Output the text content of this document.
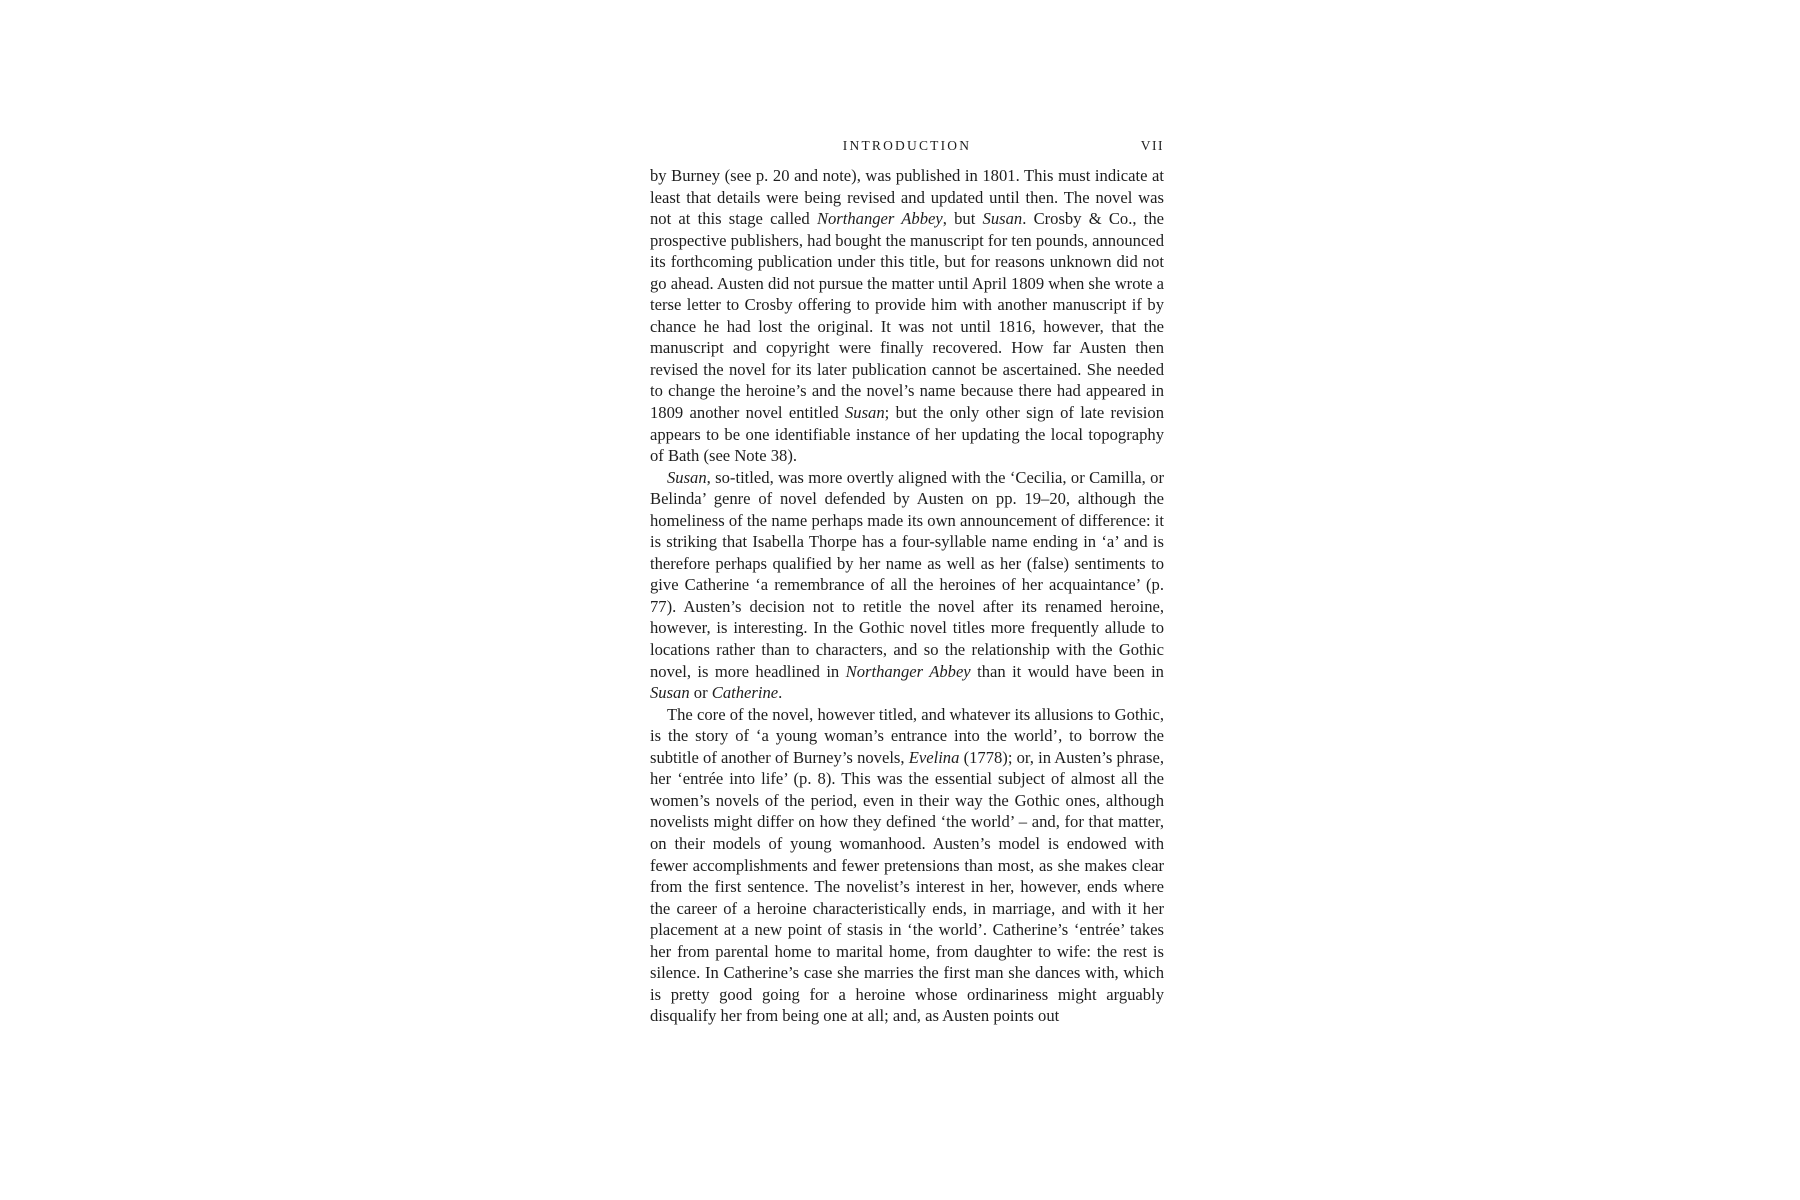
INTRODUCTION	VII

by Burney (see p. 20 and note), was published in 1801. This must indicate at least that details were being revised and updated until then. The novel was not at this stage called Northanger Abbey, but Susan. Crosby & Co., the prospective publishers, had bought the manuscript for ten pounds, announced its forthcoming publication under this title, but for reasons unknown did not go ahead. Austen did not pursue the matter until April 1809 when she wrote a terse letter to Crosby offering to provide him with another manuscript if by chance he had lost the original. It was not until 1816, however, that the manuscript and copyright were finally recovered. How far Austen then revised the novel for its later publication cannot be ascertained. She needed to change the heroine’s and the novel’s name because there had appeared in 1809 another novel entitled Susan; but the only other sign of late revision appears to be one identifiable instance of her updating the local topography of Bath (see Note 38).

Susan, so-titled, was more overtly aligned with the ‘Cecilia, or Camilla, or Belinda’ genre of novel defended by Austen on pp. 19–20, although the homeliness of the name perhaps made its own announcement of difference: it is striking that Isabella Thorpe has a four-syllable name ending in ‘a’ and is therefore perhaps qualified by her name as well as her (false) sentiments to give Catherine ‘a remembrance of all the heroines of her acquaintance’ (p. 77). Austen’s decision not to retitle the novel after its renamed heroine, however, is interesting. In the Gothic novel titles more frequently allude to locations rather than to characters, and so the relationship with the Gothic novel, is more headlined in Northanger Abbey than it would have been in Susan or Catherine.

The core of the novel, however titled, and whatever its allusions to Gothic, is the story of ‘a young woman’s entrance into the world’, to borrow the subtitle of another of Burney’s novels, Evelina (1778); or, in Austen’s phrase, her ‘entrée into life’ (p. 8). This was the essential subject of almost all the women’s novels of the period, even in their way the Gothic ones, although novelists might differ on how they defined ‘the world’ – and, for that matter, on their models of young womanhood. Austen’s model is endowed with fewer accomplishments and fewer pretensions than most, as she makes clear from the first sentence. The novelist’s interest in her, however, ends where the career of a heroine characteristically ends, in marriage, and with it her placement at a new point of stasis in ‘the world’. Catherine’s ‘entrée’ takes her from parental home to marital home, from daughter to wife: the rest is silence. In Catherine’s case she marries the first man she dances with, which is pretty good going for a heroine whose ordinariness might arguably disqualify her from being one at all; and, as Austen points out
